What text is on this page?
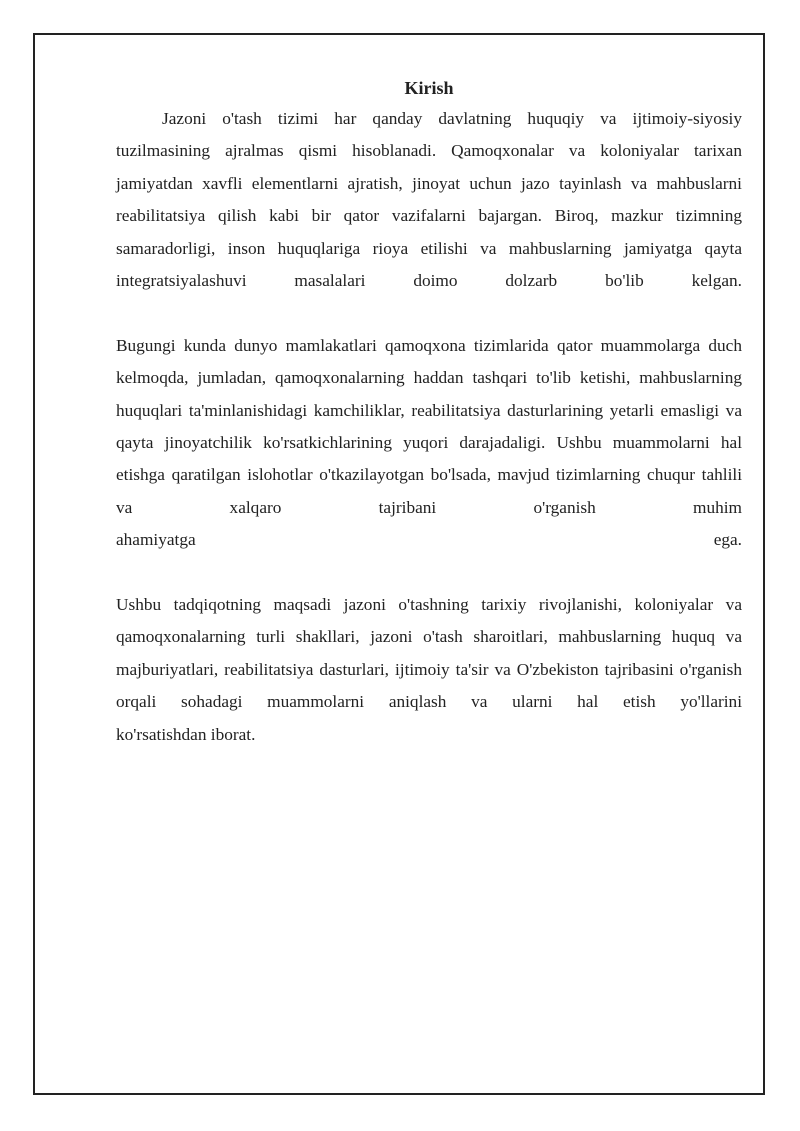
Kirish

Jazoni o'tash tizimi har qanday davlatning huquqiy va ijtimoiy-siyosiy tuzilmasining ajralmas qismi hisoblanadi. Qamoqxonalar va koloniyalar tarixan jamiyatdan xavfli elementlarni ajratish, jinoyat uchun jazo tayinlash va mahbuslarni reabilitatsiya qilish kabi bir qator vazifalarni bajargan. Biroq, mazkur tizimning samaradorligi, inson huquqlariga rioya etilishi va mahbuslarning jamiyatga qayta integratsiyalashuvi masalalari doimo dolzarb bo'lib kelgan.

Bugungi kunda dunyo mamlakatlari qamoqxona tizimlarida qator muammolarga duch kelmoqda, jumladan, qamoqxonalarning haddan tashqari to'lib ketishi, mahbuslarning huquqlari ta'minlanishidagi kamchiliklar, reabilitatsiya dasturlarining yetarli emasligi va qayta jinoyatchilik ko'rsatkichlarining yuqori darajadaligi. Ushbu muammolarni hal etishga qaratilgan islohotlar o'tkazilayotgan bo'lsada, mavjud tizimlarning chuqur tahlili va xalqaro tajribani o'rganish muhim

ahamiyatga	ega.

Ushbu tadqiqotning maqsadi jazoni o'tashning tarixiy rivojlanishi, koloniyalar va qamoqxonalarning turli shakllari, jazoni o'tash sharoitlari, mahbuslarning huquq va majburiyatlari, reabilitatsiya dasturlari, ijtimoiy ta'sir va O'zbekiston tajribasini o'rganish orqali sohadagi muammolarni aniqlash va ularni hal etish yo'llarini

ko'rsatishdan iborat.
